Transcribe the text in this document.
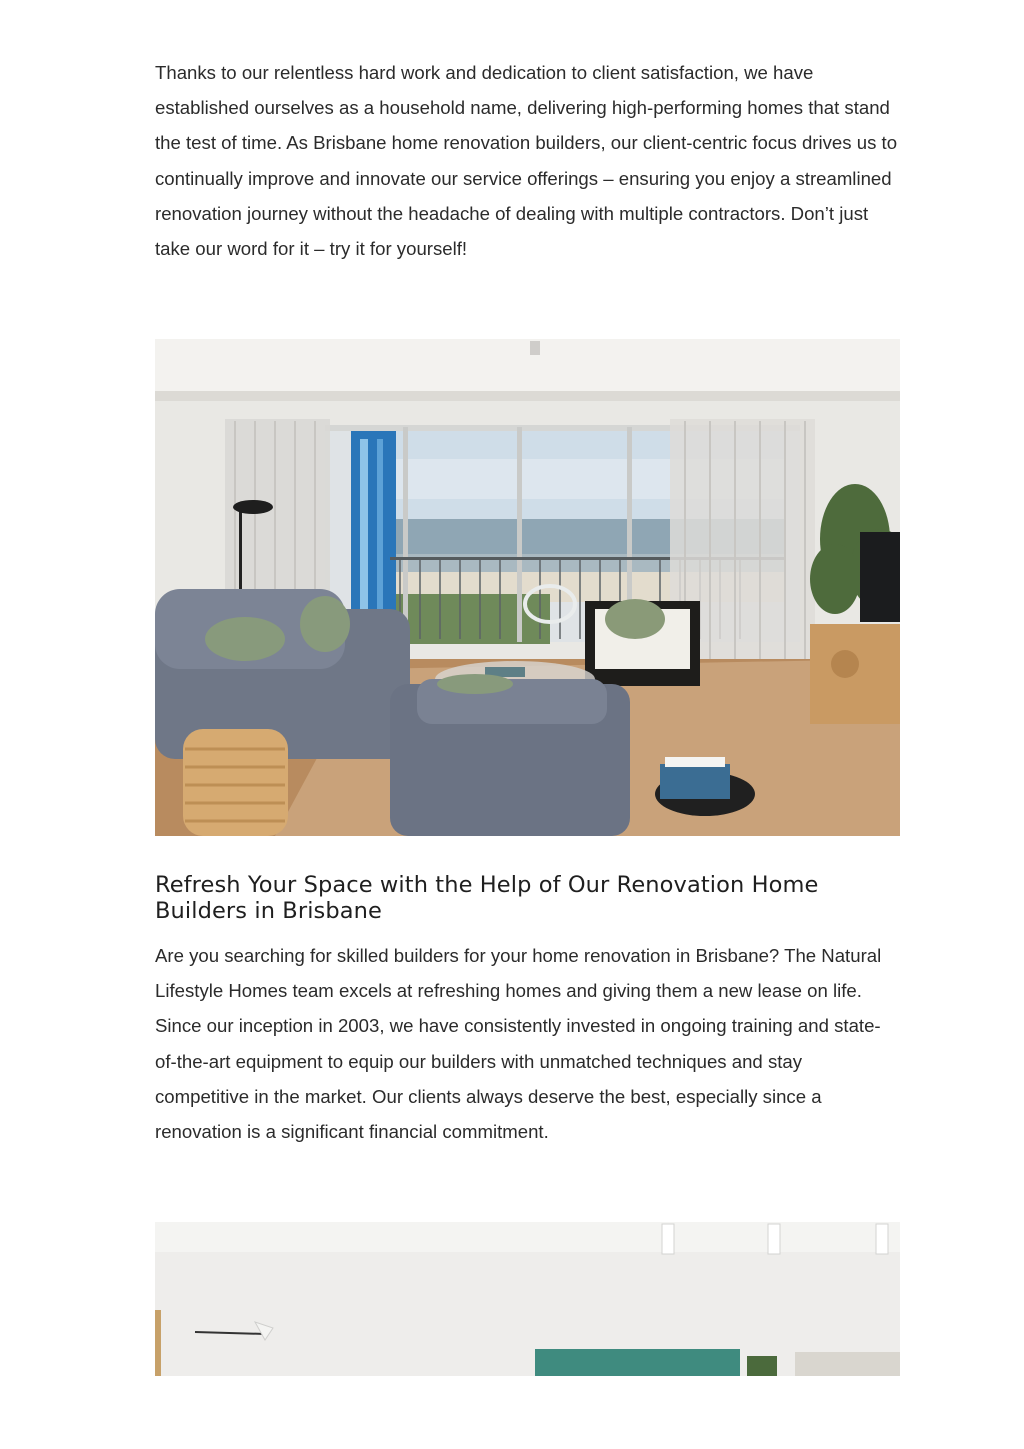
Thanks to our relentless hard work and dedication to client satisfaction, we have established ourselves as a household name, delivering high-performing homes that stand the test of time. As Brisbane home renovation builders, our client-centric focus drives us to continually improve and innovate our service offerings – ensuring you enjoy a streamlined renovation journey without the headache of dealing with multiple contractors. Don’t just take our word for it – try it for yourself!

Refresh Your Space with the Help of Our Renovation Home Builders in Brisbane

Are you searching for skilled builders for your home renovation in Brisbane? The Natural Lifestyle Homes team excels at refreshing homes and giving them a new lease on life. Since our inception in 2003, we have consistently invested in ongoing training and state-of-the-art equipment to equip our builders with unmatched techniques and stay competitive in the market. Our clients always deserve the best, especially since a renovation is a significant financial commitment.
